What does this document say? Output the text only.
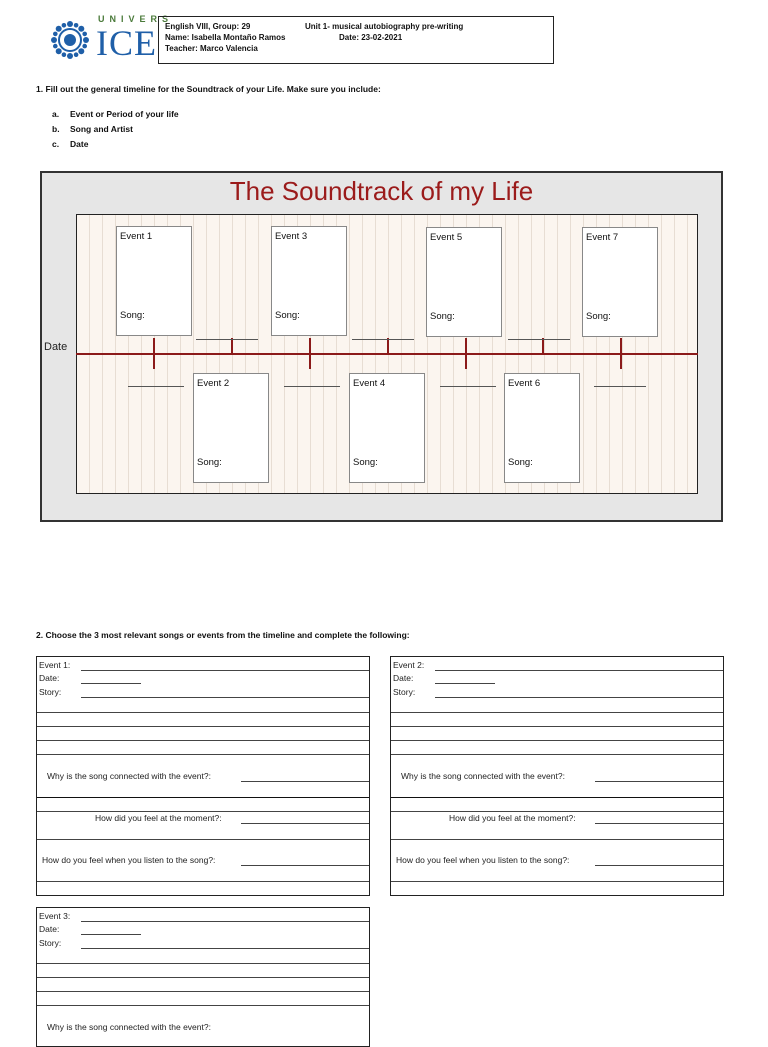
UNIVERS
ICE English VIII, Group: 29
Name: Isabella Montaño Ramos
Teacher: Marco Valencia
Unit 1- musical autobiography pre-writing
Date: 23-02-2021
1. Fill out the general timeline for the Soundtrack of your Life. Make sure you include:
a. Event or Period of your life
b. Song and Artist
c. Date
The Soundtrack of my Life
Date
Event 1
Song:
Event 3
Song:
Event 5
Song:
Event 7
Song:
Event 2
Song:
Event 4
Song:
Event 6
Song:
2. Choose the 3 most relevant songs or events from the timeline and complete the following:
Event 1:
Date:
Story:
Why is the song connected with the event?:
How did you feel at the moment?:
How do you feel when you listen to the song?:
Event 2:
Date:
Story:
Why is the song connected with the event?:
How did you feel at the moment?:
How do you feel when you listen to the song?:
Event 3:
Date:
Story:
Why is the song connected with the event?:
